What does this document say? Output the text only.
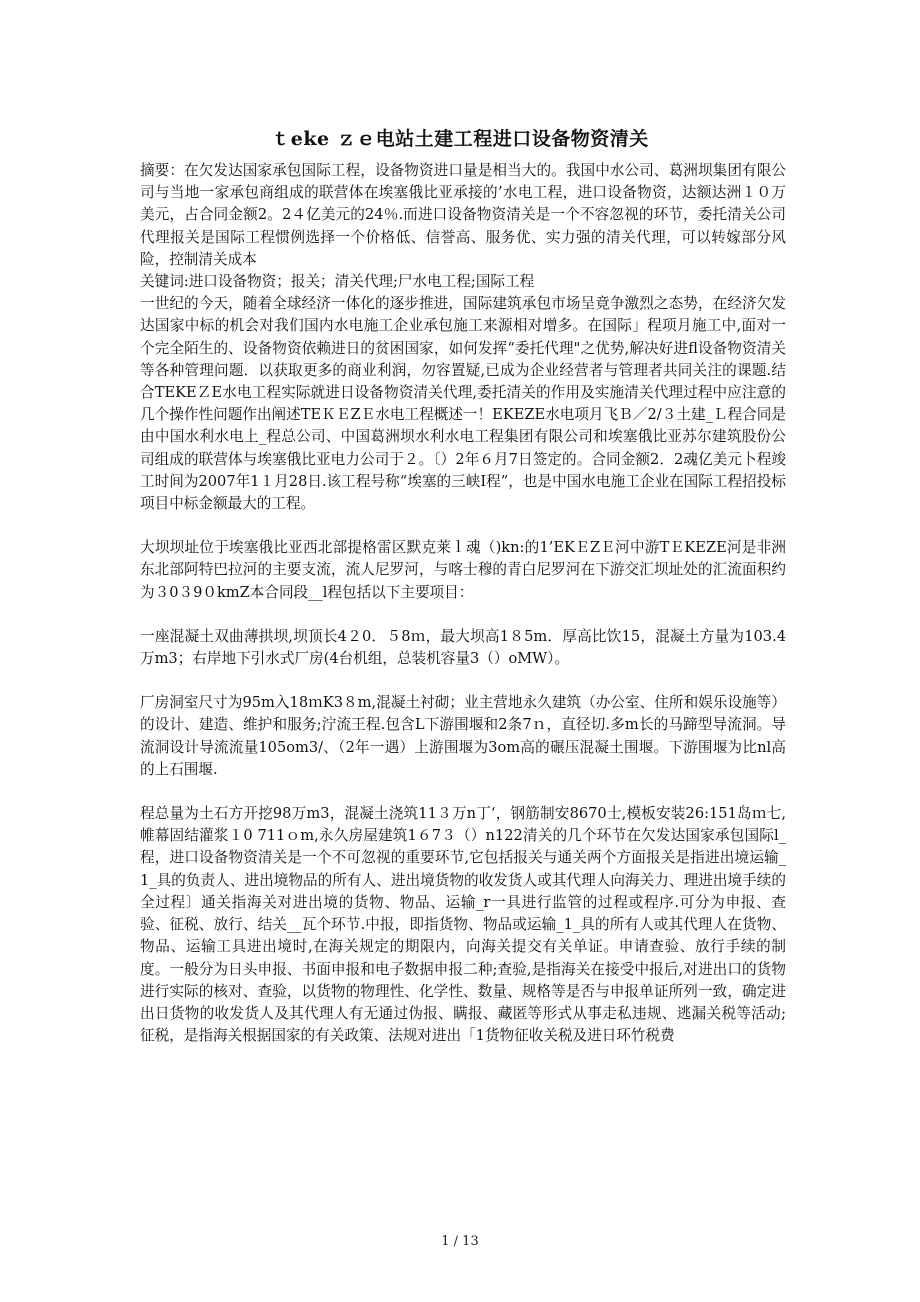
ｔeke ｚｅ电站土建工程进口设备物资清关

摘要：在欠发达国家承包国际工程，设备物资进口量是相当大的。我国中水公司、葛洲坝集团有限公司与当地一家承包商组成的联营体在埃塞俄比亚承接的’水电工程，进口设备物资，达额达洲１０万美元，占合同金额2。2４亿美元的24％.而进口设备物资清关是一个不容忽视的环节，委托清关公司代理报关是国际工程惯例选择一个价格低、信誉高、服务优、实力强的清关代理，可以转嫁部分风险，控制清关成本

关键词:进口设备物资；报关；清关代理;尸水电工程;国际工程

一世纪的今天，随着全球经济一体化的逐步推进，国际建筑承包市场呈竟争激烈之态势，在经济欠发达国家中标的机会对我们国内水电施工企业承包施工来源相对增多。在国际」程项月施工中,面对一个完全陌生的、设备物资依赖进日的贫困国家，如何发挥“委托代理"之优势,解决好进fl设备物资清关等各种管理问题．以获取更多的商业利润，勿容置疑,已成为企业经营者与管理者共同关注的课题.结合TEKEＺE水电工程实际就进日设备物资清关代理,委托清关的作用及实施清关代理过程中应注意的几个操作性问题作出阐述TEＫＥZＥ水电工程概述一！EKEZE水电项月飞Ｂ／2/３土建_Ｌ程合同是由中国水利水电上_程总公司、中国葛洲坝水利水电工程集团有限公司和埃塞俄比亚苏尔建筑股份公司组成的联营体与埃塞俄比亚电力公司于２。〔）2年６月7日签定的。合同金额2．2魂亿美元卜程竣工时间为2007年1１月28日.该工程号称“埃塞的三峡I程”，也是中国水电施工企业在国际工程招投标项目中标金额最大的工程。

大坝坝址位于埃塞俄比亚西北部提格雷区默克莱ｌ魂（)kn:的1’EKＥZＥ河中游TＥKEZE河是非洲东北部阿特巴拉河的主要支流，流人尼罗河，与喀士穆的青白尼罗河在下游交汇坝址处的汇流面积约为３0３9０kmZ本合同段__l程包括以下主要项目：

一座混凝土双曲薄拱坝,坝顶长4２0．５8ｍ，最大坝高1８5m．厚高比饮15，混凝土方量为103.4万m3；右岸地下引水式厂房(4台机组，总装机容量3（）oMW）。

厂房洞室尺寸为95m入18ｍK3８m,混凝土衬砌；业主营地永久建筑（办公室、住所和娱乐设施等）的设计、建造、维护和服务;泞流王程.包含L下游围堰和2条7ｎ，直径切.多m长的马蹄型导流洞。导流洞设计导流流量105om3/、（2年一遇）上游围堰为3om高的碾压混凝土围堰。下游围堰为比nl高的上石围堰.

程总量为土石方开挖98万m3，混凝土浇筑11３万n丁‘，钢筋制安8670士,模板安装26:151岛ｍ七,帷幕固结灌浆１0 711ｏm,永久房屋建筑1６7３（）n122清关的几个环节在欠发达国家承包国际l_程，进口设备物资清关是一个不可忽视的重要环节,它包括报关与通关两个方面报关是指进出境运输_1_具的负责人、进出境物品的所有人、进出境货物的收发货人或其代理人向海关力、理进出境手续的全过程〕通关指海关对进出境的货物、物品、运输_r一具进行监管的过程或程序.可分为申报、查验、征税、放行、结关__瓦个环节.中报，即指货物、物品或运输_1_具的所有人或其代理人在货物、物品、运输工具进出境时,在海关规定的期限内，向海关提交有关单证。申请查验、放行手续的制度。一般分为日头申报、书面申报和电子数据申报二种;查验,是指海关在接受中报后,对进出口的货物进行实际的核对、查验，以货物的物理性、化学性、数量、规格等是否与申报单证所列一致，确定进出日货物的收发货人及其代理人有无通过伪报、瞒报、藏匿等形式从事走私违规、逃漏关税等活动;征税，是指海关根据国家的有关政策、法规对进出「1货物征收关税及进日环竹税费

1 / 13
